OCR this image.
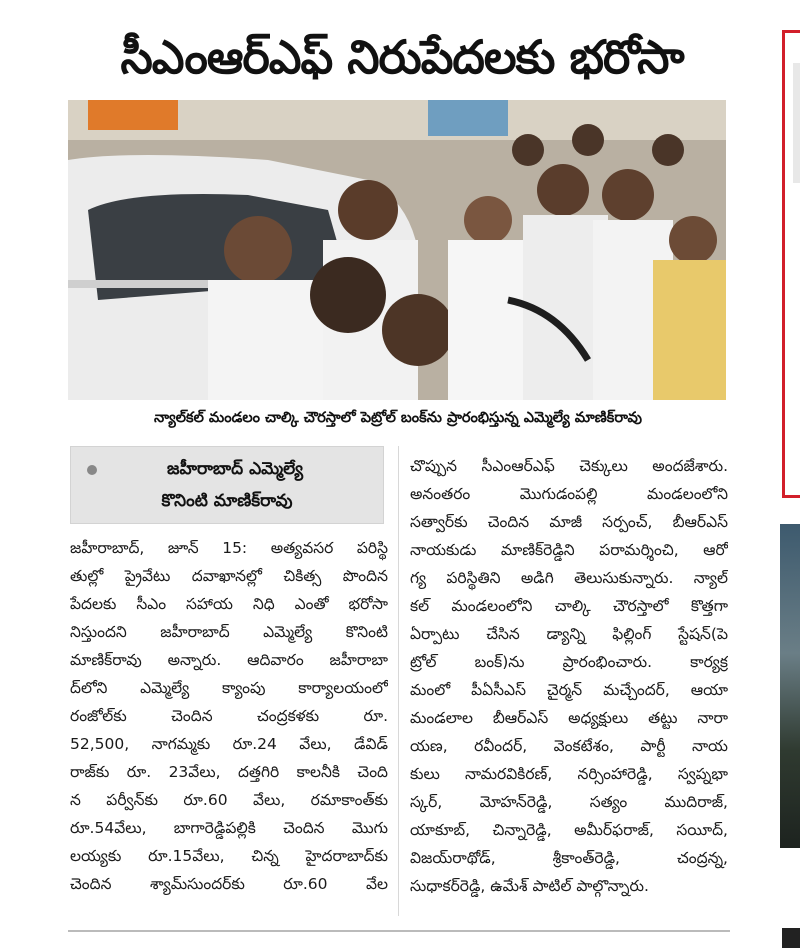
సీఎంఆర్‌ఎఫ్ నిరుపేదలకు భరోసా
న్యాల్‌కల్ మండలం చాల్కి చౌరస్తాలో పెట్రోల్ బంక్‌ను ప్రారంభిస్తున్న ఎమ్మెల్యే మాణిక్‌రావు
జహీరాబాద్ ఎమ్మెల్యే
కొనింటి మాణిక్‌రావు
జహీరాబాద్, జూన్ 15: అత్యవసర పరిస్థి
తుల్లో ప్రైవేటు దవాఖానల్లో చికిత్స పొందిన
పేదలకు సీఎం సహాయ నిధి ఎంతో భరోసా
నిస్తుందని జహీరాబాద్ ఎమ్మెల్యే కొనింటి
మాణిక్‌రావు అన్నారు. ఆదివారం జహీరాబా
ద్‌లోని ఎమ్మెల్యే క్యాంపు కార్యాలయంలో
రంజోల్‌కు చెందిన చంద్రకళకు రూ.
52,500, నాగమ్మకు రూ.24 వేలు, డేవిడ్
రాజ్‌కు రూ. 23వేలు, దత్తగిరి కాలనీకి చెంది
న పర్వీన్‌కు రూ.60 వేలు, రమాకాంత్‌కు
రూ.54వేలు, బాగారెడ్డిపల్లికి చెందిన మొగు
లయ్యకు రూ.15వేలు, చిన్న హైదరాబాద్‌కు
చెందిన శ్యామ్‌సుందర్‌కు రూ.60 వేల
చొప్పున సీఎంఆర్‌ఎఫ్ చెక్కులు అందజేశారు.
అనంతరం మొగుడంపల్లి మండలంలోని
సత్వార్‌కు చెందిన మాజీ సర్పంచ్, బీఆర్‌ఎస్
నాయకుడు మాణిక్‌రెడ్డిని పరామర్శించి, ఆరో
గ్య పరిస్థితిని అడిగి తెలుసుకున్నారు. న్యాల్
కల్ మండలంలోని చాల్కి చౌరస్తాలో కొత్తగా
ఏర్పాటు చేసిన డ్యాన్ని ఫిల్లింగ్ స్టేషన్(పె
ట్రోల్ బంక్)ను ప్రారంభించారు. కార్యక్ర
మంలో పీఏసీఎస్ చైర్మన్ మచ్చేందర్, ఆయా
మండలాల బీఆర్‌ఎస్ అధ్యక్షులు తట్టు నారా
యణ, రవీందర్, వెంకటేశం, పార్టీ నాయ
కులు నామరవికిరణ్, నర్సింహారెడ్డి, స్వప్నభా
స్కర్, మోహన్‌రెడ్డి, సత్యం ముదిరాజ్,
యాకూబ్, చిన్నారెడ్డి, అమీర్‌ఫరాజ్, సయీద్,
విజయ్‌రాథోడ్, శ్రీకాంత్‌రెడ్డి, చంద్రన్న,
సుధాకర్‌రెడ్డి, ఉమేశ్ పాటిల్ పాల్గొన్నారు.
